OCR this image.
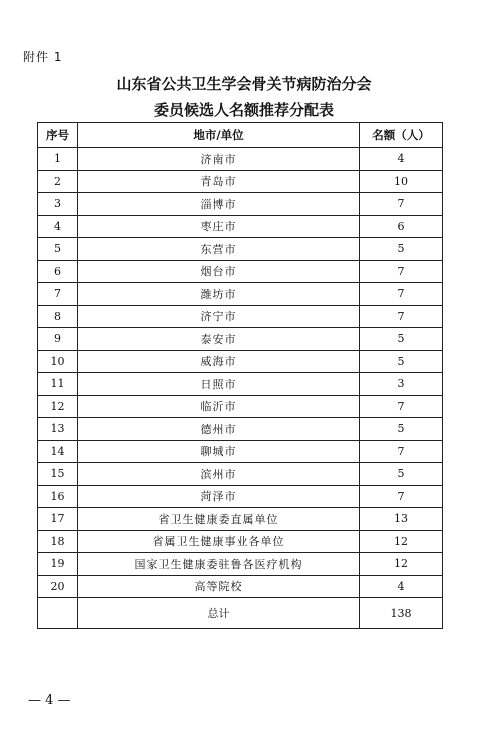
附件 1
山东省公共卫生学会骨关节病防治分会
委员候选人名额推荐分配表
序号	地市/单位	名额（人）
1	济南市	4
2	青岛市	10
3	淄博市	7
4	枣庄市	6
5	东营市	5
6	烟台市	7
7	潍坊市	7
8	济宁市	7
9	泰安市	5
10	威海市	5
11	日照市	3
12	临沂市	7
13	德州市	5
14	聊城市	7
15	滨州市	5
16	菏泽市	7
17	省卫生健康委直属单位	13
18	省属卫生健康事业各单位	12
19	国家卫生健康委驻鲁各医疗机构	12
20	高等院校	4
	总计	138
— 4 —
